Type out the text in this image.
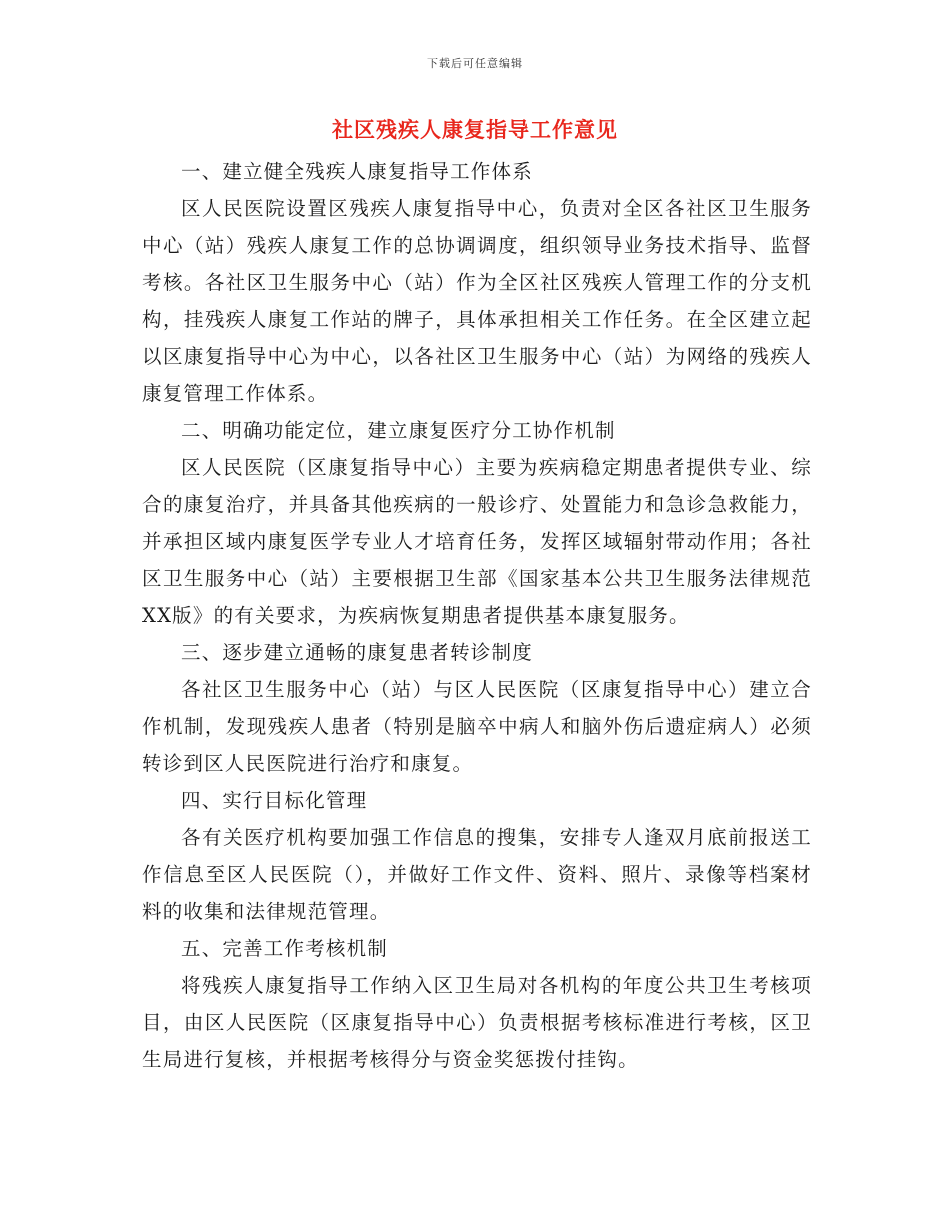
下载后可任意编辑
社区残疾人康复指导工作意见

一、建立健全残疾人康复指导工作体系

区人民医院设置区残疾人康复指导中心，负责对全区各社区卫生服务中心（站）残疾人康复工作的总协调调度，组织领导业务技术指导、监督考核。各社区卫生服务中心（站）作为全区社区残疾人管理工作的分支机构，挂残疾人康复工作站的牌子，具体承担相关工作任务。在全区建立起以区康复指导中心为中心，以各社区卫生服务中心（站）为网络的残疾人康复管理工作体系。

二、明确功能定位，建立康复医疗分工协作机制

区人民医院（区康复指导中心）主要为疾病稳定期患者提供专业、综合的康复治疗，并具备其他疾病的一般诊疗、处置能力和急诊急救能力，并承担区域内康复医学专业人才培育任务，发挥区域辐射带动作用；各社区卫生服务中心（站）主要根据卫生部《国家基本公共卫生服务法律规范XX版》的有关要求，为疾病恢复期患者提供基本康复服务。

三、逐步建立通畅的康复患者转诊制度

各社区卫生服务中心（站）与区人民医院（区康复指导中心）建立合作机制，发现残疾人患者（特别是脑卒中病人和脑外伤后遗症病人）必须转诊到区人民医院进行治疗和康复。

四、实行目标化管理

各有关医疗机构要加强工作信息的搜集，安排专人逢双月底前报送工作信息至区人民医院（），并做好工作文件、资料、照片、录像等档案材料的收集和法律规范管理。

五、完善工作考核机制

将残疾人康复指导工作纳入区卫生局对各机构的年度公共卫生考核项目，由区人民医院（区康复指导中心）负责根据考核标准进行考核，区卫生局进行复核，并根据考核得分与资金奖惩拨付挂钩。
